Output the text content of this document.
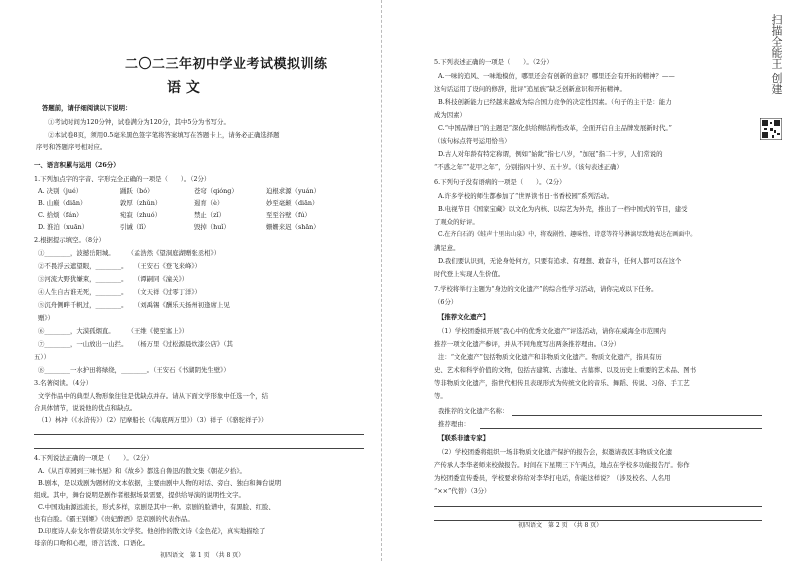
二〇二三年初中学业考试模拟训练
语 文
答题前，请仔细阅读以下说明：
①考试时间为120分钟，试卷满分为120分，其中5分为书写分。
②本试卷8页，须用0.5毫米黑色签字笔将答案填写在答题卡上，请务必正确选择题
序号和答题序号相对应。
一、语言积累与运用（26分）
1.下列加点字的字音、字形完全正确的一项是（　　）。（2分）
A. 决别（jué）	踊跃（bó）	苍穹（qióng）	迫根求源（yuán）
B. 山巅（diān）	敦厚（zhǔn）	遏育（è）	妙至毫颠（diān）
C. 拾烦（fán）	宛寂（zhuó）	禁止（zǐ）	至至谷壁（fú）
D. 淮泊（xuān）	引诫（lǐ）	毁掉（huǐ）	姗姗来迟（shān）
2.根据提示填空。（8分）
①________，波撼岳阳城。　　　（孟浩然《望洞庭湖赠张丞相》）
②不畏浮云遮望眼，________。　　（王安石《登飞来峰》）
③河流大野犹嫌束，________。　　（谭嗣同《潼关》）
④人生自古谁无死，________。　　（文天祥《过零丁洋》）
⑤沉舟侧畔千帆过，________。　　（刘禹锡《酬乐天扬州初逢席上见
赠》）
⑥________，大漠孤烟直。　　　（王维《使至塞上》）
⑦________，一山放出一山拦。　　（杨万里《过松源晨炊漆公店》（其
五））
⑧________一水护田将绿绕，________。（王安石《书湖阴先生壁》）
3.名著阅读。（4分）
文学作品中的典型人物形象往往是优缺点并存。请从下面文学形象中任选一个，结
合具体情节，说说他的优点和缺点。
（1）林冲（《水浒传》）（2）尼摩船长（《海底两万里》）（3）祥子（《骆驼祥子》）
4.下列说法正确的一项是（　　）。（2分）
A.《从百草园到三味书屋》和《故乡》都选自鲁迅的散文集《朝花夕拾》。
B.剧本，是以戏剧为题材的文本依据，主要由剧中人物的对话、旁白、独白和舞台说明
组成。其中，舞台说明是剧作者根据场景需要，提供给导演的说明性文字。
C.中国戏曲源远流长，形式多样，京剧是其中一种。京剧的脸谱中，有黑脸、红脸、
也有白脸。《霸王别姬》《贵妃醉酒》是京剧的代表作品。
D.印度诗人泰戈尔曾获诺贝尔文学奖。他创作的散文诗《金色花》，真实地描绘了
母亲的口吻和心理，语言活泼、口语化。
初四语文　第 1 页　（共 8 页）
5.下列表述正确的一项是（　　）。（2分）
A.一味的追风、一味地模仿，哪里还会有创新的意识？哪里还会有开拓的精神？——
这句话运用了设问的修辞，批评“追星族”缺乏创新意识和开拓精神。
B.科技创新能力已经越来越成为综合国力竞争的决定性因素。（句子的主干是：能力
成为因素）
C.“中国品牌日”的主题是“深化供给侧结构性改革，全面开启自主品牌发展新时代。”
（该句标点符号运用恰当）
D.古人对年龄有特定称谓，例如“始龀”指七八岁，“加冠”指二十岁，人们常说的
“不惑之年”“花甲之年”，分别指四十岁、五十岁。（该句表述正确）
6.下列句子没有语病的一项是（　　）。（2分）
A.许多学校的师生都参加了“世界读书日·书香校园”系列活动。
B.电视节目《国家宝藏》以文化为内核、以综艺为外壳，推出了一档中国式的节目，建受
了观众的好评。
C.在齐白石的《蛙声十里出山泉》中，将戏剧性、趣味性、诗意等符号淋漓尽致地表达在画面中。
满足意。
D.我们要认识到，无论身处何方，只要有追求、有理想、敢奋斗，任何人都可以在这个
时代登上实现人生价值。
7.学校将举行主题为“身边的文化遗产”的综合性学习活动，请你完成以下任务。
（6分）
【推荐文化遗产】
（1）学校团委拟开展“我心中的优秀文化遗产”评选活动，请你在威海全市范围内
推荐一项文化遗产参评，并从不同角度写出两条推荐理由。（3分）
注：“文化遗产”包括物质文化遗产和非物质文化遗产。物质文化遗产，指具有历
史、艺术和科学价值的文物，包括古建筑、古遗址、古墓葬、以及历史上重要的艺术品、图书
等非物质文化遗产，指世代相传且表现形式为传统文化的音乐、舞蹈、传说、习俗、手工艺
等。
我推荐的文化遗产名称：
推荐理由：
【联系非遗专家】
（2）学校团委将组织一场非物质文化遗产保护的报告会，拟邀请我区非物质文化遗
产传承人李华老师来校做报告。时间在下星期三下午两点，地点在学校多功能报告厅。你作
为校团委宣传委员，学校要求你给对李华打电话，你能这样说？（涉及校名、人名用
“××”代替）（3分）
初四语文　第 2 页　（共 8 页）
扫描全能王 创建
